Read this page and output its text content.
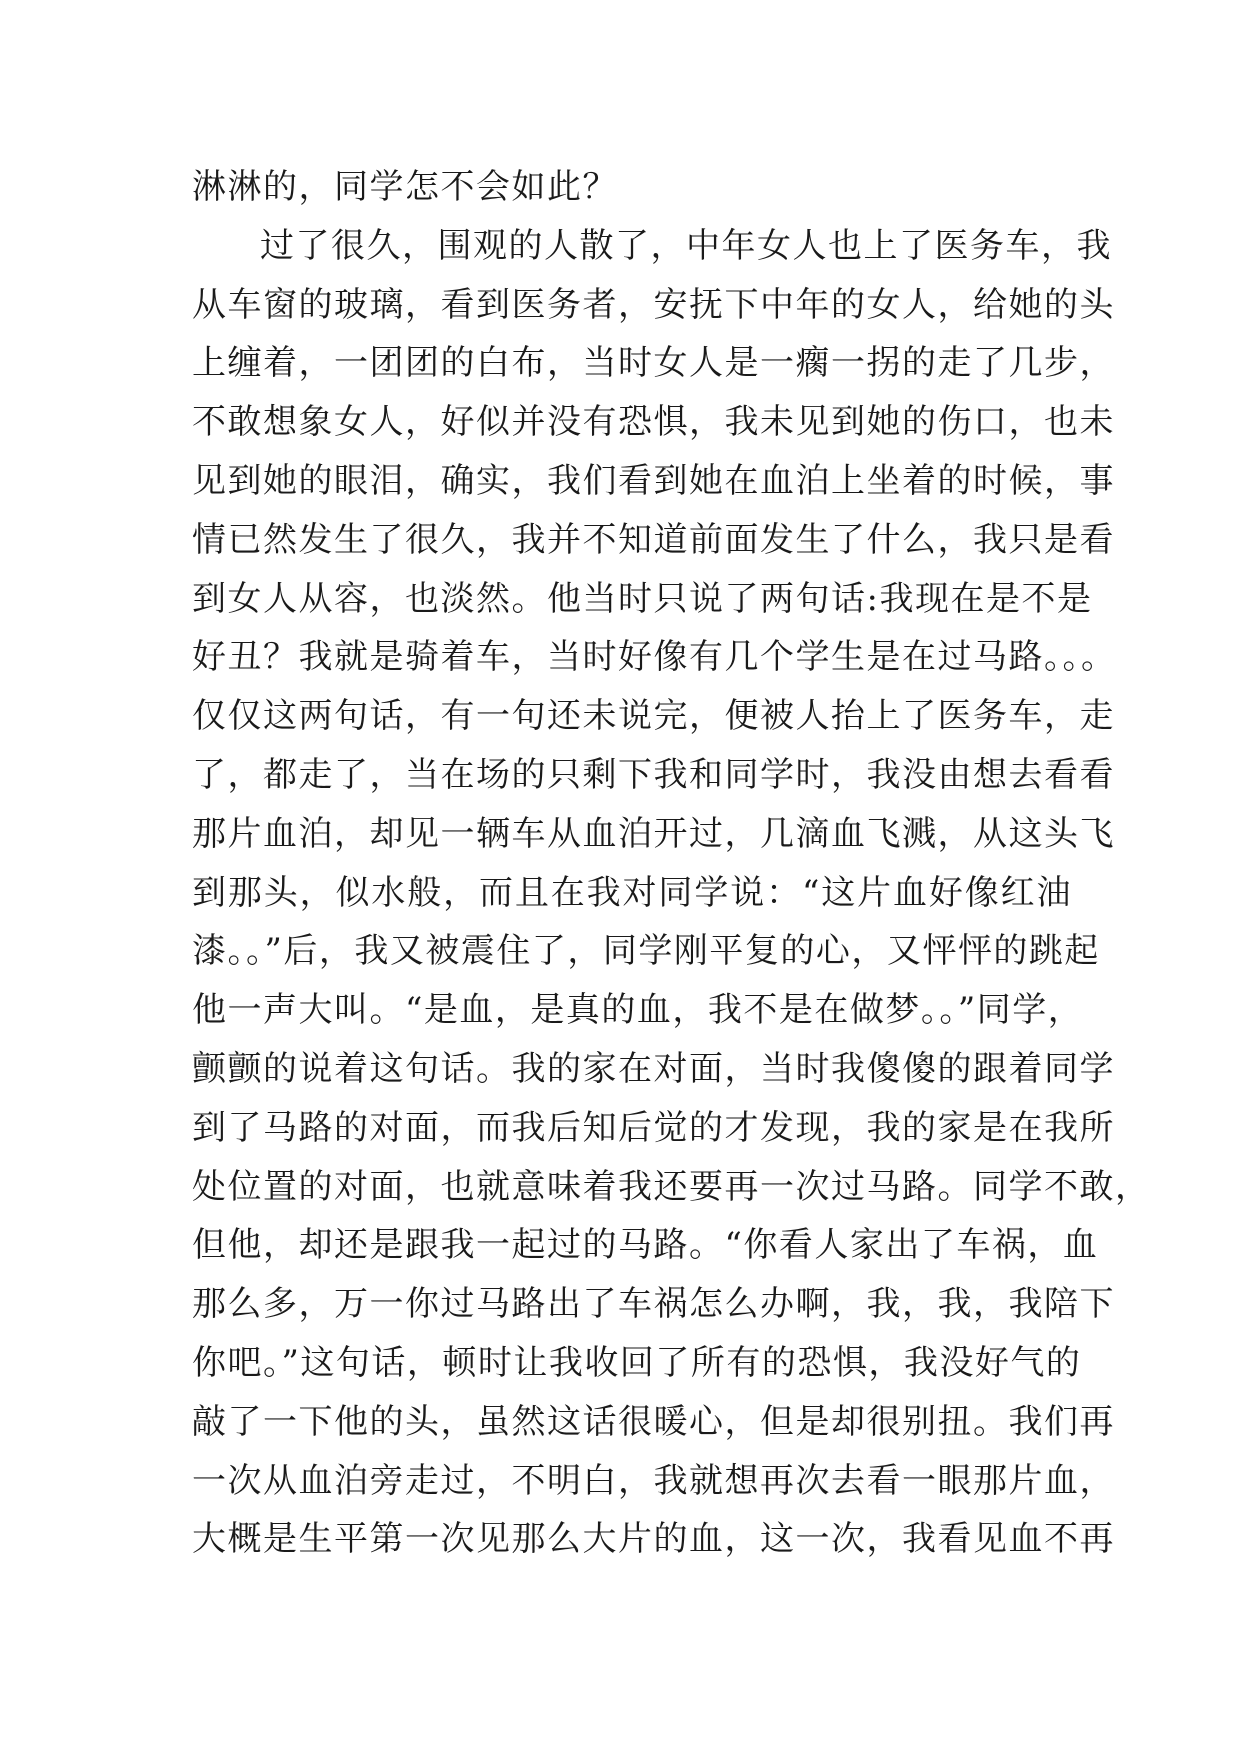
淋淋的，同学怎不会如此？
过了很久，围观的人散了，中年女人也上了医务车，我
从车窗的玻璃，看到医务者，安抚下中年的女人，给她的头
上缠着，一团团的白布，当时女人是一瘸一拐的走了几步，
不敢想象女人，好似并没有恐惧，我未见到她的伤口，也未
见到她的眼泪，确实，我们看到她在血泊上坐着的时候，事
情已然发生了很久，我并不知道前面发生了什么，我只是看
到女人从容，也淡然。他当时只说了两句话:我现在是不是
好丑？我就是骑着车，当时好像有几个学生是在过马路。。。
仅仅这两句话，有一句还未说完，便被人抬上了医务车，走
了，都走了，当在场的只剩下我和同学时，我没由想去看看
那片血泊，却见一辆车从血泊开过，几滴血飞溅，从这头飞
到那头，似水般，而且在我对同学说：“这片血好像红油
漆。。”后，我又被震住了，同学刚平复的心，又怦怦的跳起
他一声大叫。“是血，是真的血，我不是在做梦。。”同学，
颤颤的说着这句话。我的家在对面，当时我傻傻的跟着同学
到了马路的对面，而我后知后觉的才发现，我的家是在我所
处位置的对面，也就意味着我还要再一次过马路。同学不敢，
但他，却还是跟我一起过的马路。“你看人家出了车祸，血
那么多，万一你过马路出了车祸怎么办啊，我，我，我陪下
你吧。”这句话，顿时让我收回了所有的恐惧，我没好气的
敲了一下他的头，虽然这话很暖心，但是却很别扭。我们再
一次从血泊旁走过，不明白，我就想再次去看一眼那片血，
大概是生平第一次见那么大片的血，这一次，我看见血不再
